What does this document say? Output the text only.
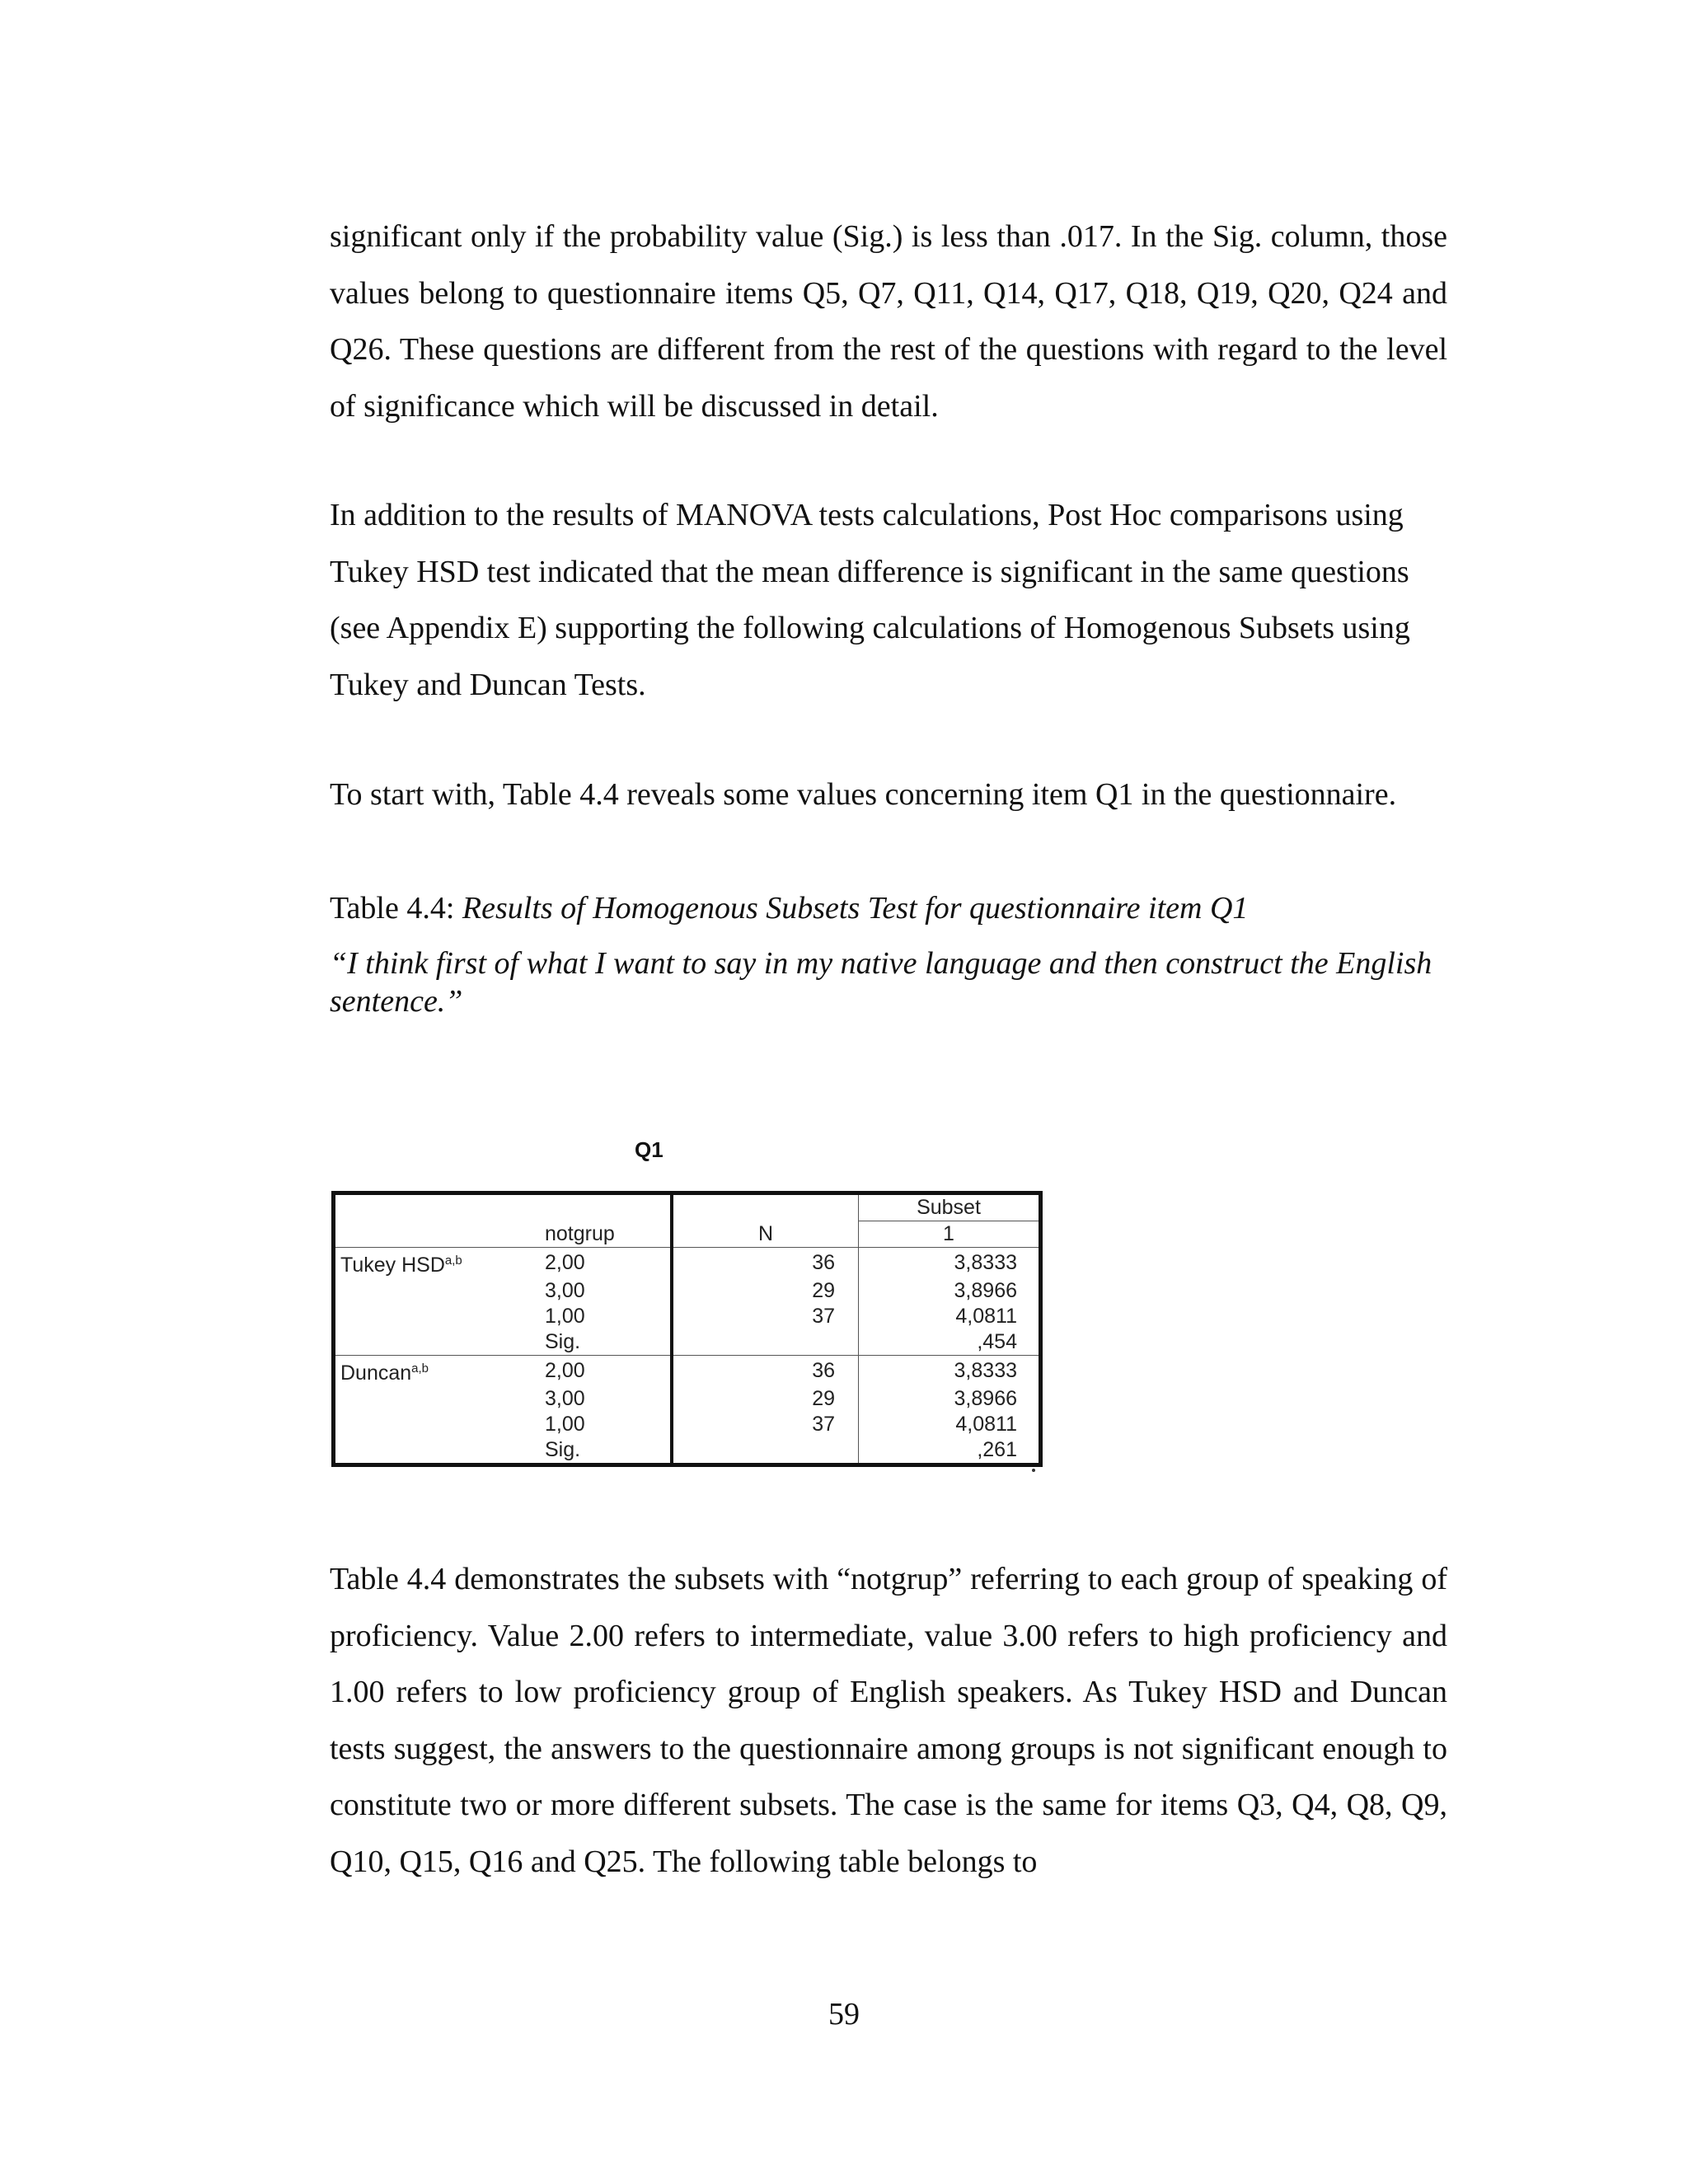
significant only if the probability value (Sig.) is less than .017. In the Sig. column, those values belong to questionnaire items Q5, Q7, Q11, Q14, Q17, Q18, Q19, Q20, Q24 and Q26. These questions are different from the rest of the questions with regard to the level of significance which will be discussed in detail.

In addition to the results of MANOVA tests calculations, Post Hoc comparisons using Tukey HSD test indicated that the mean difference is significant in the same questions (see Appendix E) supporting the following calculations of Homogenous Subsets using Tukey and Duncan Tests.

To start with, Table 4.4 reveals some values concerning item Q1 in the questionnaire.

Table 4.4: Results of Homogenous Subsets Test for questionnaire item Q1

“I think first of what I want to say in my native language and then construct the English sentence.”

Q1
			Subset
	notgrup	N	1
Tukey HSD$^{a,b}$	2,00	36	3,8333
	3,00	29	3,8966
	1,00	37	4,0811
	Sig.		,454
Duncan$^{a,b}$	2,00	36	3,8333
	3,00	29	3,8966
	1,00	37	4,0811
	Sig.		,261

Table 4.4 demonstrates the subsets with “notgrup” referring to each group of speaking of proficiency. Value 2.00 refers to intermediate, value 3.00 refers to high proficiency and 1.00 refers to low proficiency group of English speakers. As Tukey HSD and Duncan tests suggest, the answers to the questionnaire among groups is not significant enough to constitute two or more different subsets. The case is the same for items Q3, Q4, Q8, Q9, Q10, Q15, Q16 and Q25. The following table belongs to

59
